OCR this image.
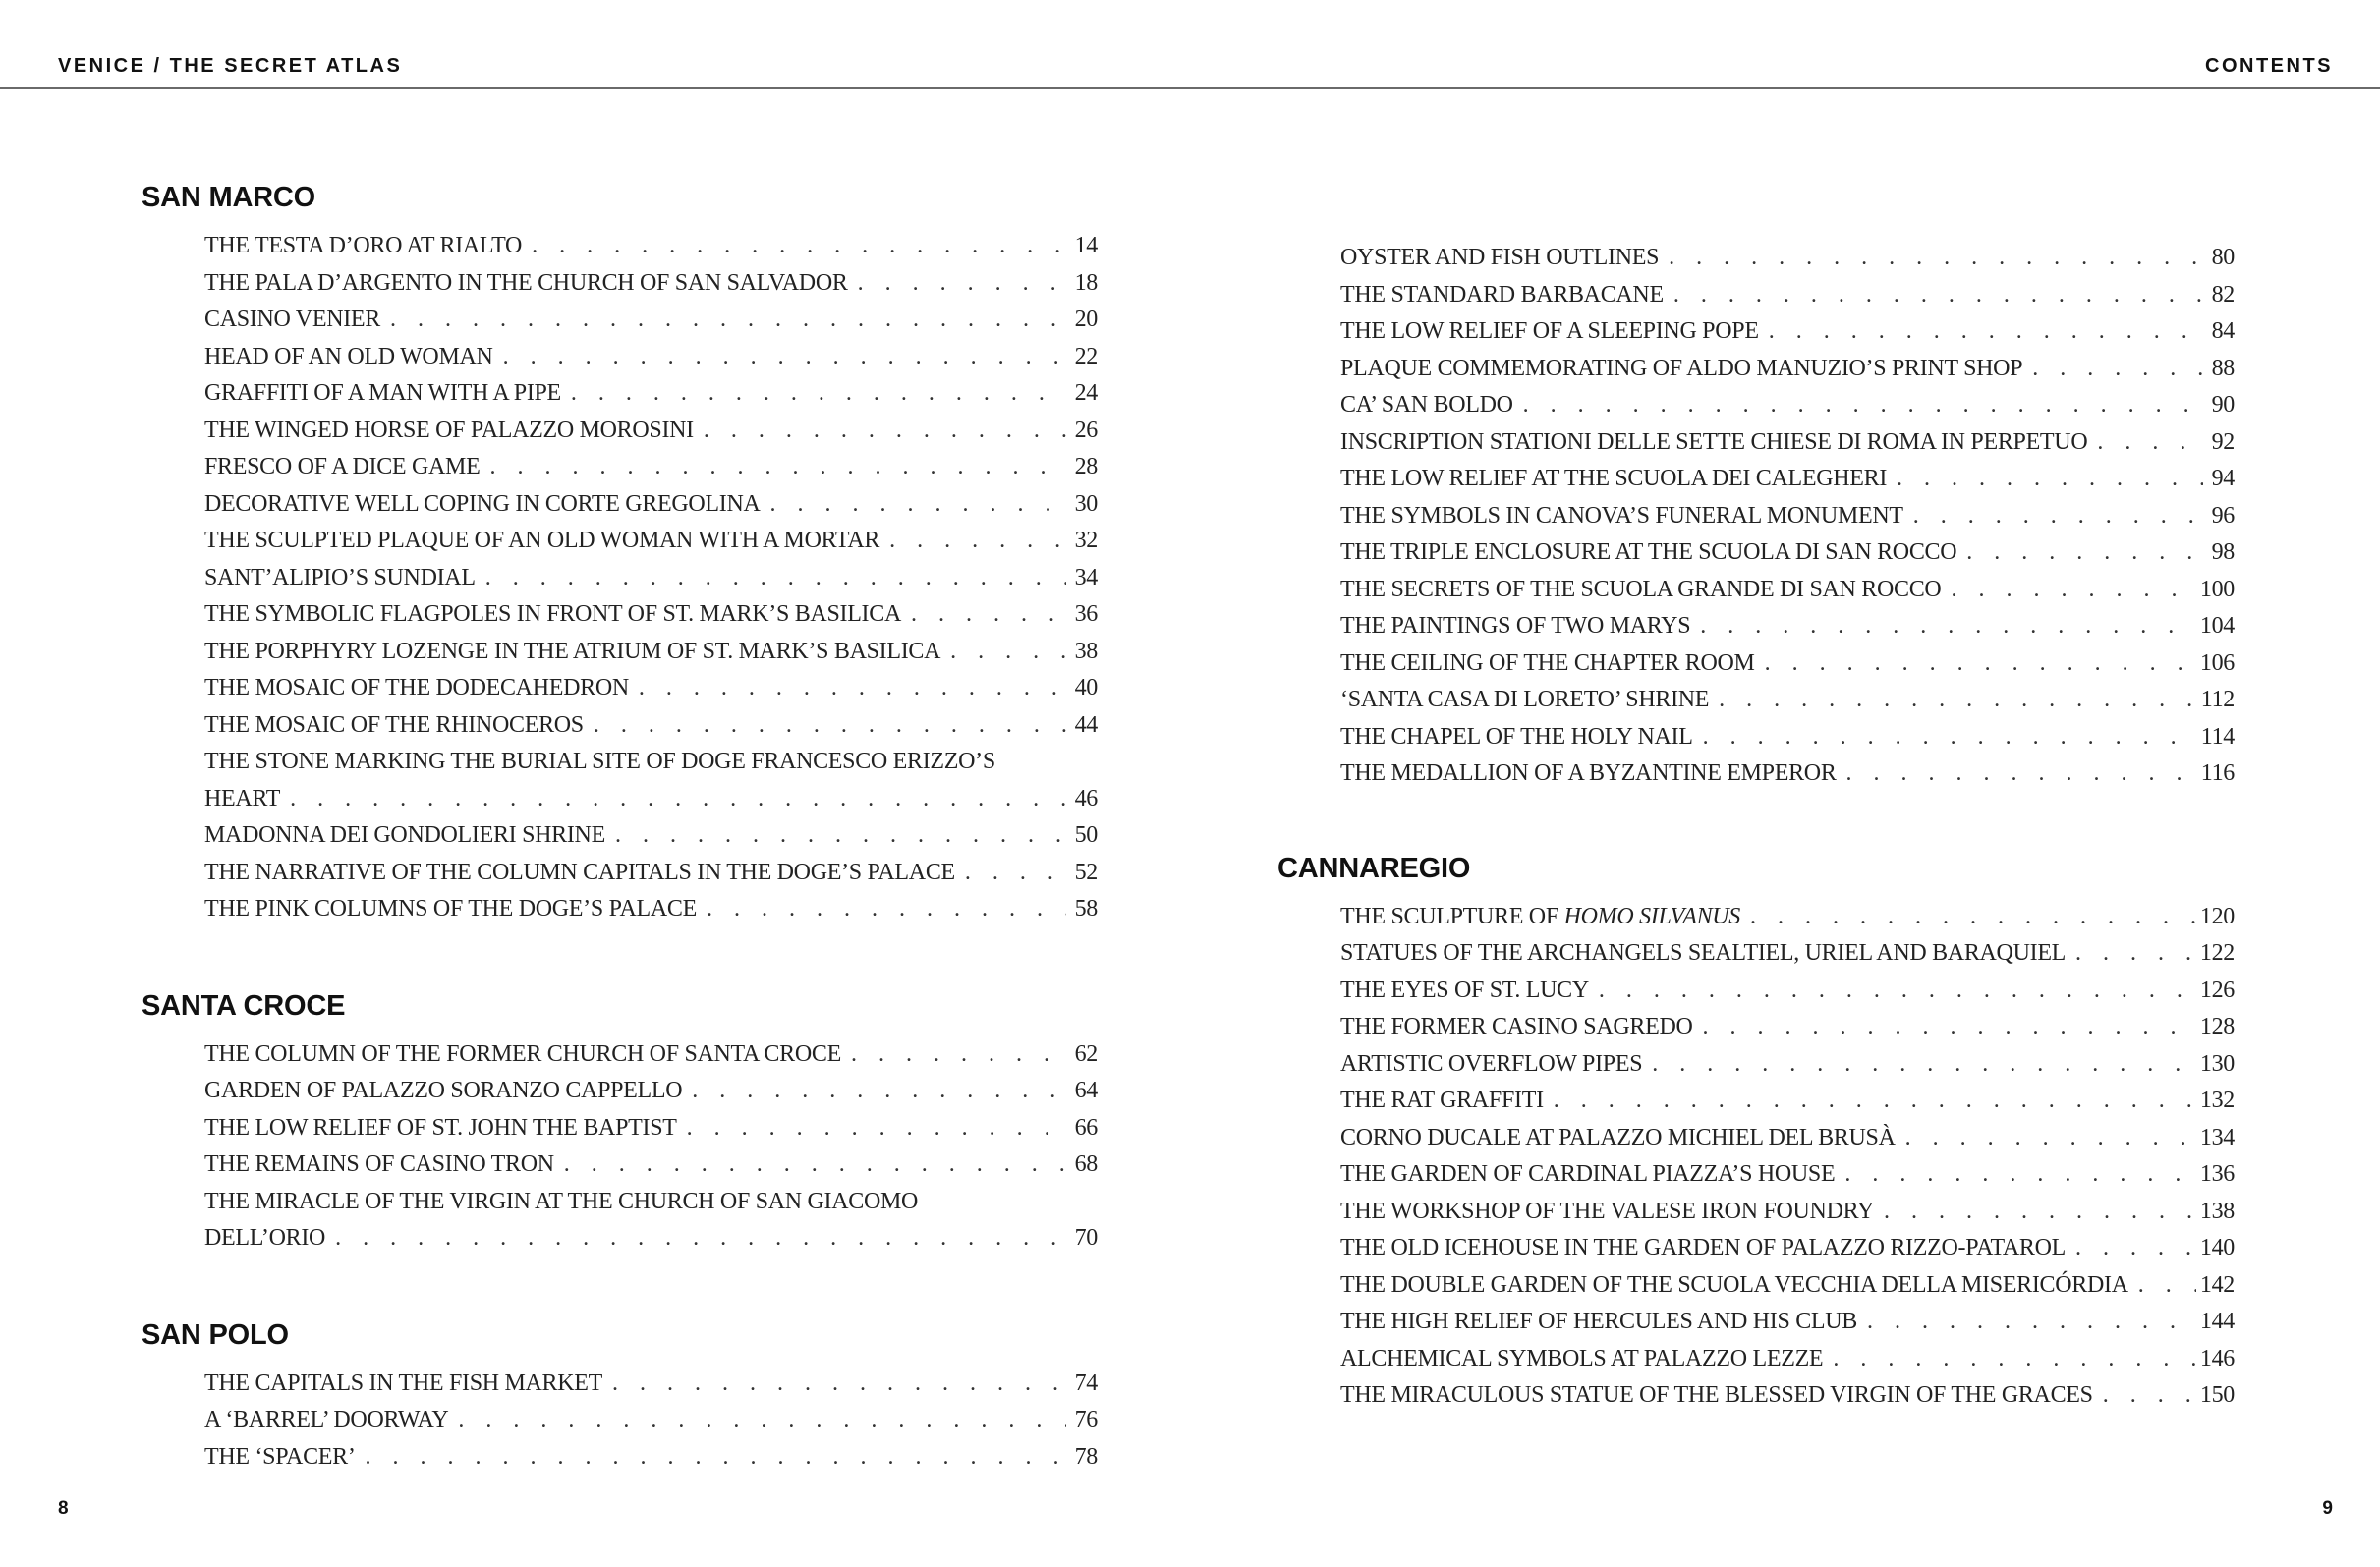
VENICE / THE SECRET ATLAS	CONTENTS
SAN MARCO
THE TESTA D’ORO AT RIALTO . . .	14
THE PALA D’ARGENTO IN THE CHURCH OF SAN SALVADOR . . .	18
CASINO VENIER . . .	20
HEAD OF AN OLD WOMAN . . .	22
GRAFFITI OF A MAN WITH A PIPE . . .	24
THE WINGED HORSE OF PALAZZO MOROSINI . . .	26
FRESCO OF A DICE GAME . . .	28
DECORATIVE WELL COPING IN CORTE GREGOLINA . . .	30
THE SCULPTED PLAQUE OF AN OLD WOMAN WITH A MORTAR . . .	32
SANT’ALIPIO’S SUNDIAL . . .	34
THE SYMBOLIC FLAGPOLES IN FRONT OF ST. MARK’S BASILICA . . .	36
THE PORPHYRY LOZENGE IN THE ATRIUM OF ST. MARK’S BASILICA . . .	38
THE MOSAIC OF THE DODECAHEDRON . . .	40
THE MOSAIC OF THE RHINOCEROS . . .	44
THE STONE MARKING THE BURIAL SITE OF DOGE FRANCESCO ERIZZO’S
HEART . . .	46
MADONNA DEI GONDOLIERI SHRINE . . .	50
THE NARRATIVE OF THE COLUMN CAPITALS IN THE DOGE’S PALACE . . .	52
THE PINK COLUMNS OF THE DOGE’S PALACE . . .	58
SANTA CROCE
THE COLUMN OF THE FORMER CHURCH OF SANTA CROCE . . .	62
GARDEN OF PALAZZO SORANZO CAPPELLO . . .	64
THE LOW RELIEF OF ST. JOHN THE BAPTIST . . .	66
THE REMAINS OF CASINO TRON . . .	68
THE MIRACLE OF THE VIRGIN AT THE CHURCH OF SAN GIACOMO
DELL’ORIO . . .	70
SAN POLO
THE CAPITALS IN THE FISH MARKET . . .	74
A ‘BARREL’ DOORWAY . . .	76
THE ‘SPACER’ . . .	78
OYSTER AND FISH OUTLINES . . .	80
THE STANDARD BARBACANE . . .	82
THE LOW RELIEF OF A SLEEPING POPE . . .	84
PLAQUE COMMEMORATING OF ALDO MANUZIO’S PRINT SHOP . . .	88
CA’ SAN BOLDO . . .	90
INSCRIPTION STATIONI DELLE SETTE CHIESE DI ROMA IN PERPETUO . . .	92
THE LOW RELIEF AT THE SCUOLA DEI CALEGHERI . . .	94
THE SYMBOLS IN CANOVA’S FUNERAL MONUMENT . . .	96
THE TRIPLE ENCLOSURE AT THE SCUOLA DI SAN ROCCO . . .	98
THE SECRETS OF THE SCUOLA GRANDE DI SAN ROCCO . . .	100
THE PAINTINGS OF TWO MARYS . . .	104
THE CEILING OF THE CHAPTER ROOM . . .	106
‘SANTA CASA DI LORETO’ SHRINE . . .	112
THE CHAPEL OF THE HOLY NAIL . . .	114
THE MEDALLION OF A BYZANTINE EMPEROR . . .	116
CANNAREGIO
THE SCULPTURE OF HOMO SILVANUS . . .	120
STATUES OF THE ARCHANGELS SEALTIEL, URIEL AND BARAQUIEL . . .	122
THE EYES OF ST. LUCY . . .	126
THE FORMER CASINO SAGREDO . . .	128
ARTISTIC OVERFLOW PIPES . . .	130
THE RAT GRAFFITI . . .	132
CORNO DUCALE AT PALAZZO MICHIEL DEL BRUSÀ . . .	134
THE GARDEN OF CARDINAL PIAZZA’S HOUSE . . .	136
THE WORKSHOP OF THE VALESE IRON FOUNDRY . . .	138
THE OLD ICEHOUSE IN THE GARDEN OF PALAZZO RIZZO-PATAROL . . .	140
THE DOUBLE GARDEN OF THE SCUOLA VECCHIA DELLA MISERICÓRDIA . . .	142
THE HIGH RELIEF OF HERCULES AND HIS CLUB . . .	144
ALCHEMICAL SYMBOLS AT PALAZZO LEZZE . . .	146
THE MIRACULOUS STATUE OF THE BLESSED VIRGIN OF THE GRACES . . .	150
8	9
